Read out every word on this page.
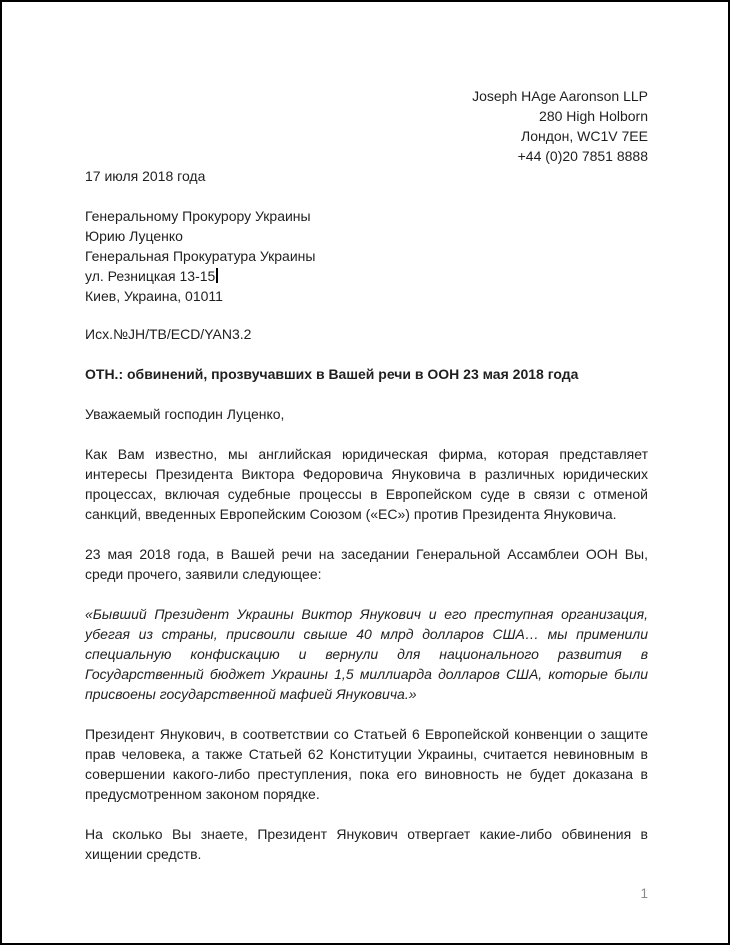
Joseph HAge Aaronson LLP
280 High Holborn
Лондон, WC1V 7EE
+44 (0)20 7851 8888
17 июля 2018 года
Генеральному Прокурору Украины
Юрию Луценко
Генеральная Прокуратура Украины
ул. Резницкая 13-15
Киев, Украина, 01011
Исх.№JH/TB/ECD/YAN3.2
ОТН.: обвинений, прозвучавших в Вашей речи в ООН 23 мая 2018 года
Уважаемый господин Луценко,

Как Вам известно, мы английская юридическая фирма, которая представляет интересы Президента Виктора Федоровича Януковича в различных юридических процессах, включая судебные процессы в Европейском суде в связи с отменой санкций, введенных Европейским Союзом («ЕС») против Президента Януковича.

23 мая 2018 года, в Вашей речи на заседании Генеральной Ассамблеи ООН Вы, среди прочего, заявили следующее:

«Бывший Президент Украины Виктор Янукович и его преступная организация, убегая из страны, присвоили свыше 40 млрд долларов США… мы применили специальную конфискацию и вернули для национального развития в Государственный бюджет Украины 1,5 миллиарда долларов США, которые были присвоены государственной мафией Януковича.»

Президент Янукович, в соответствии со Статьей 6 Европейской конвенции о защите прав человека, а также Статьей 62 Конституции Украины, считается невиновным в совершении какого-либо преступления, пока его виновность не будет доказана в предусмотренном законом порядке.

На сколько Вы знаете, Президент Янукович отвергает какие-либо обвинения в хищении средств.

1
